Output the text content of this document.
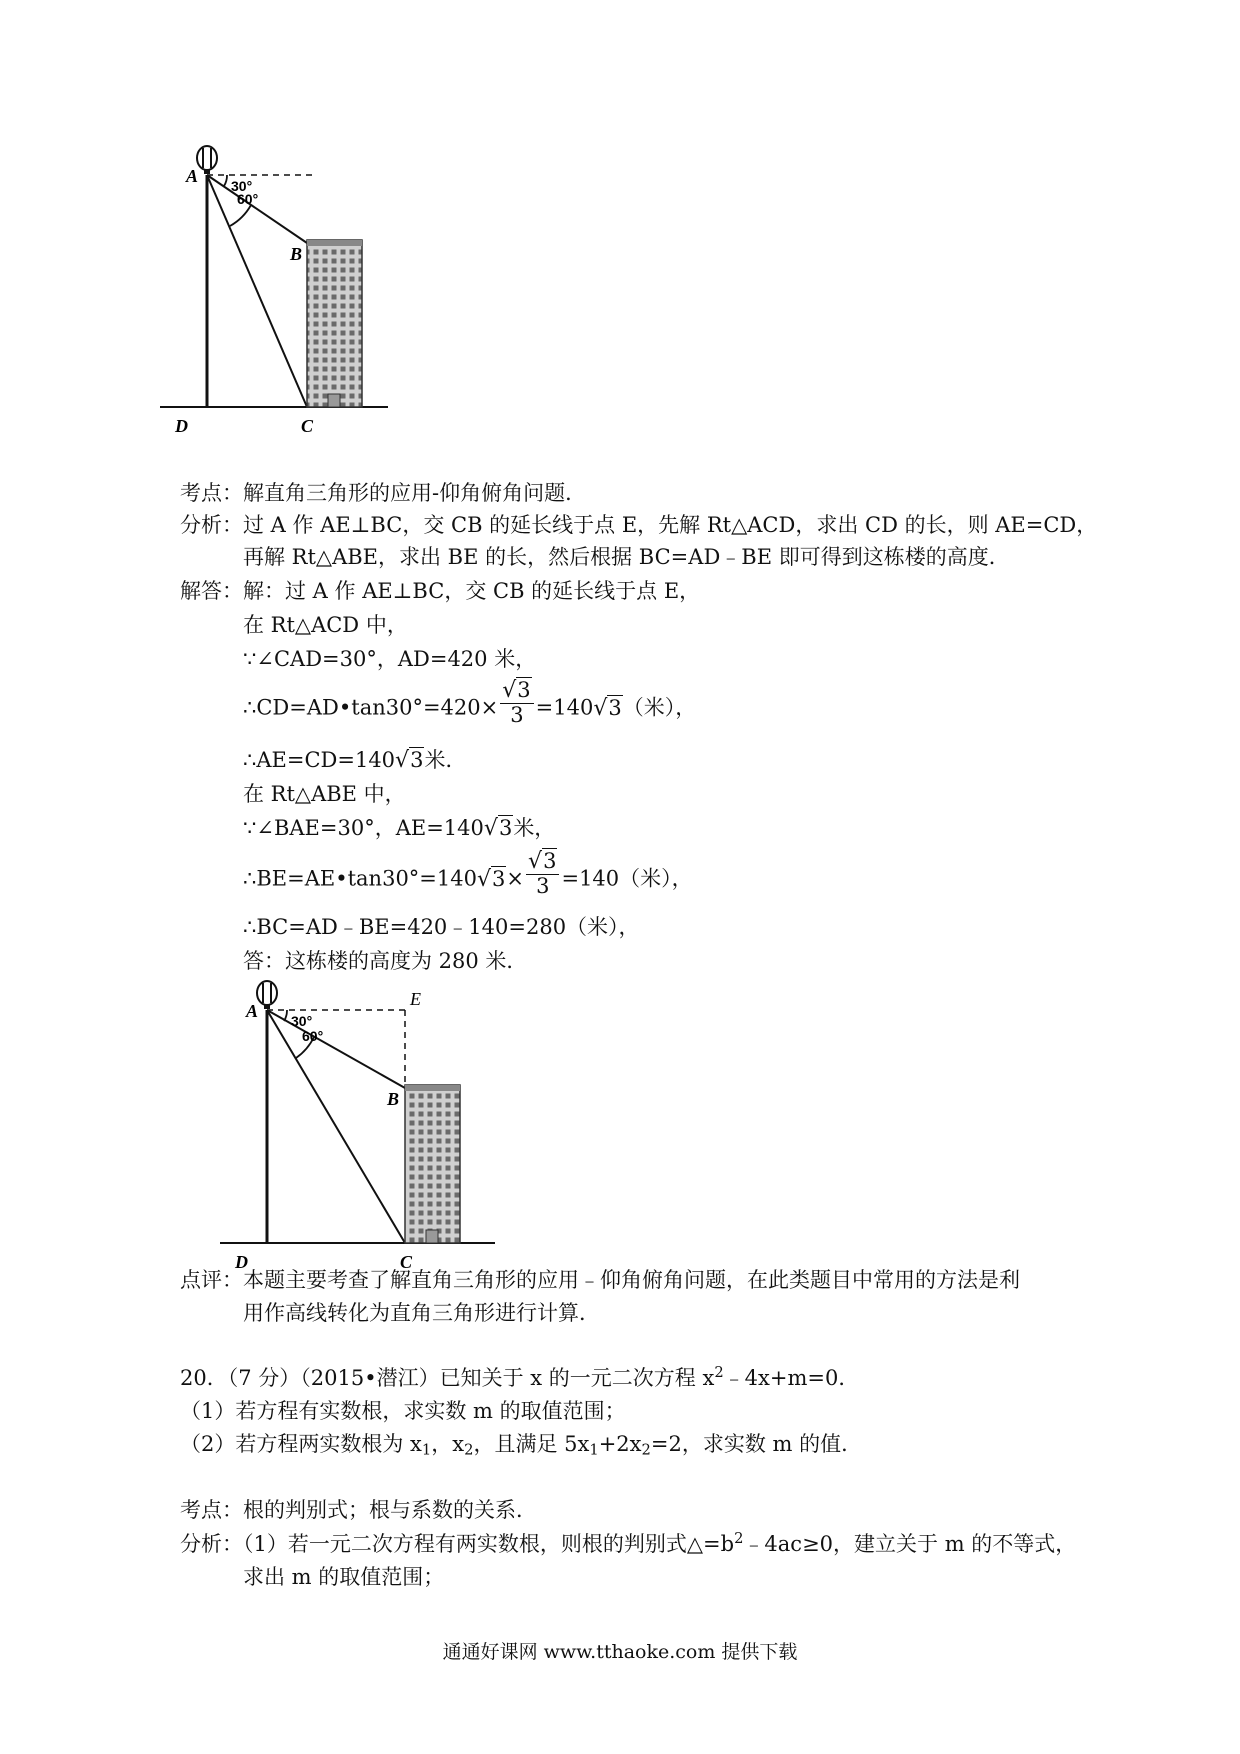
A
B
C
D
30°
60°
考点：解直角三角形的应用-仰角俯角问题．
分析：过 A 作 AE⊥BC，交 CB 的延长线于点 E，先解 Rt△ACD，求出 CD 的长，则 AE=CD，
再解 Rt△ABE，求出 BE 的长，然后根据 BC=AD﹣BE 即可得到这栋楼的高度．
解答：解：过 A 作 AE⊥BC，交 CB 的延长线于点 E，
在 Rt△ACD 中，
∵∠CAD=30°，AD=420 米，
∴CD=AD•tan30°=420× $\frac{√3}{3} =140√3$（米），
∴AE=CD=140√3米．
在 Rt△ABE 中，
∵∠BAE=30°，AE=140√3米，
∴BE=AE•tan30°=140√3× $\frac{√3}{3} =140$（米），
∴BC=AD﹣BE=420﹣140=280（米），
答：这栋楼的高度为 280 米．
A
E
B
C
D
30°
60°
点评：本题主要考查了解直角三角形的应用﹣仰角俯角问题，在此类题目中常用的方法是利
用作高线转化为直角三角形进行计算．
20．（7 分）（2015•潜江）已知关于 x 的一元二次方程 $x^2﹣4x+m=0$．
（1）若方程有实数根，求实数 m 的取值范围；
（2）若方程两实数根为 $x_1$，$x_2$，且满足 $5x_1+2x_2=2$，求实数 m 的值．
考点：根的判别式；根与系数的关系．
分析：（1）若一元二次方程有两实数根，则根的判别式$\triangle=b^2﹣4ac\ge 0$，建立关于 m 的不等式，
求出 m 的取值范围；
通通好课网 www.tthaoke.com 提供下载
